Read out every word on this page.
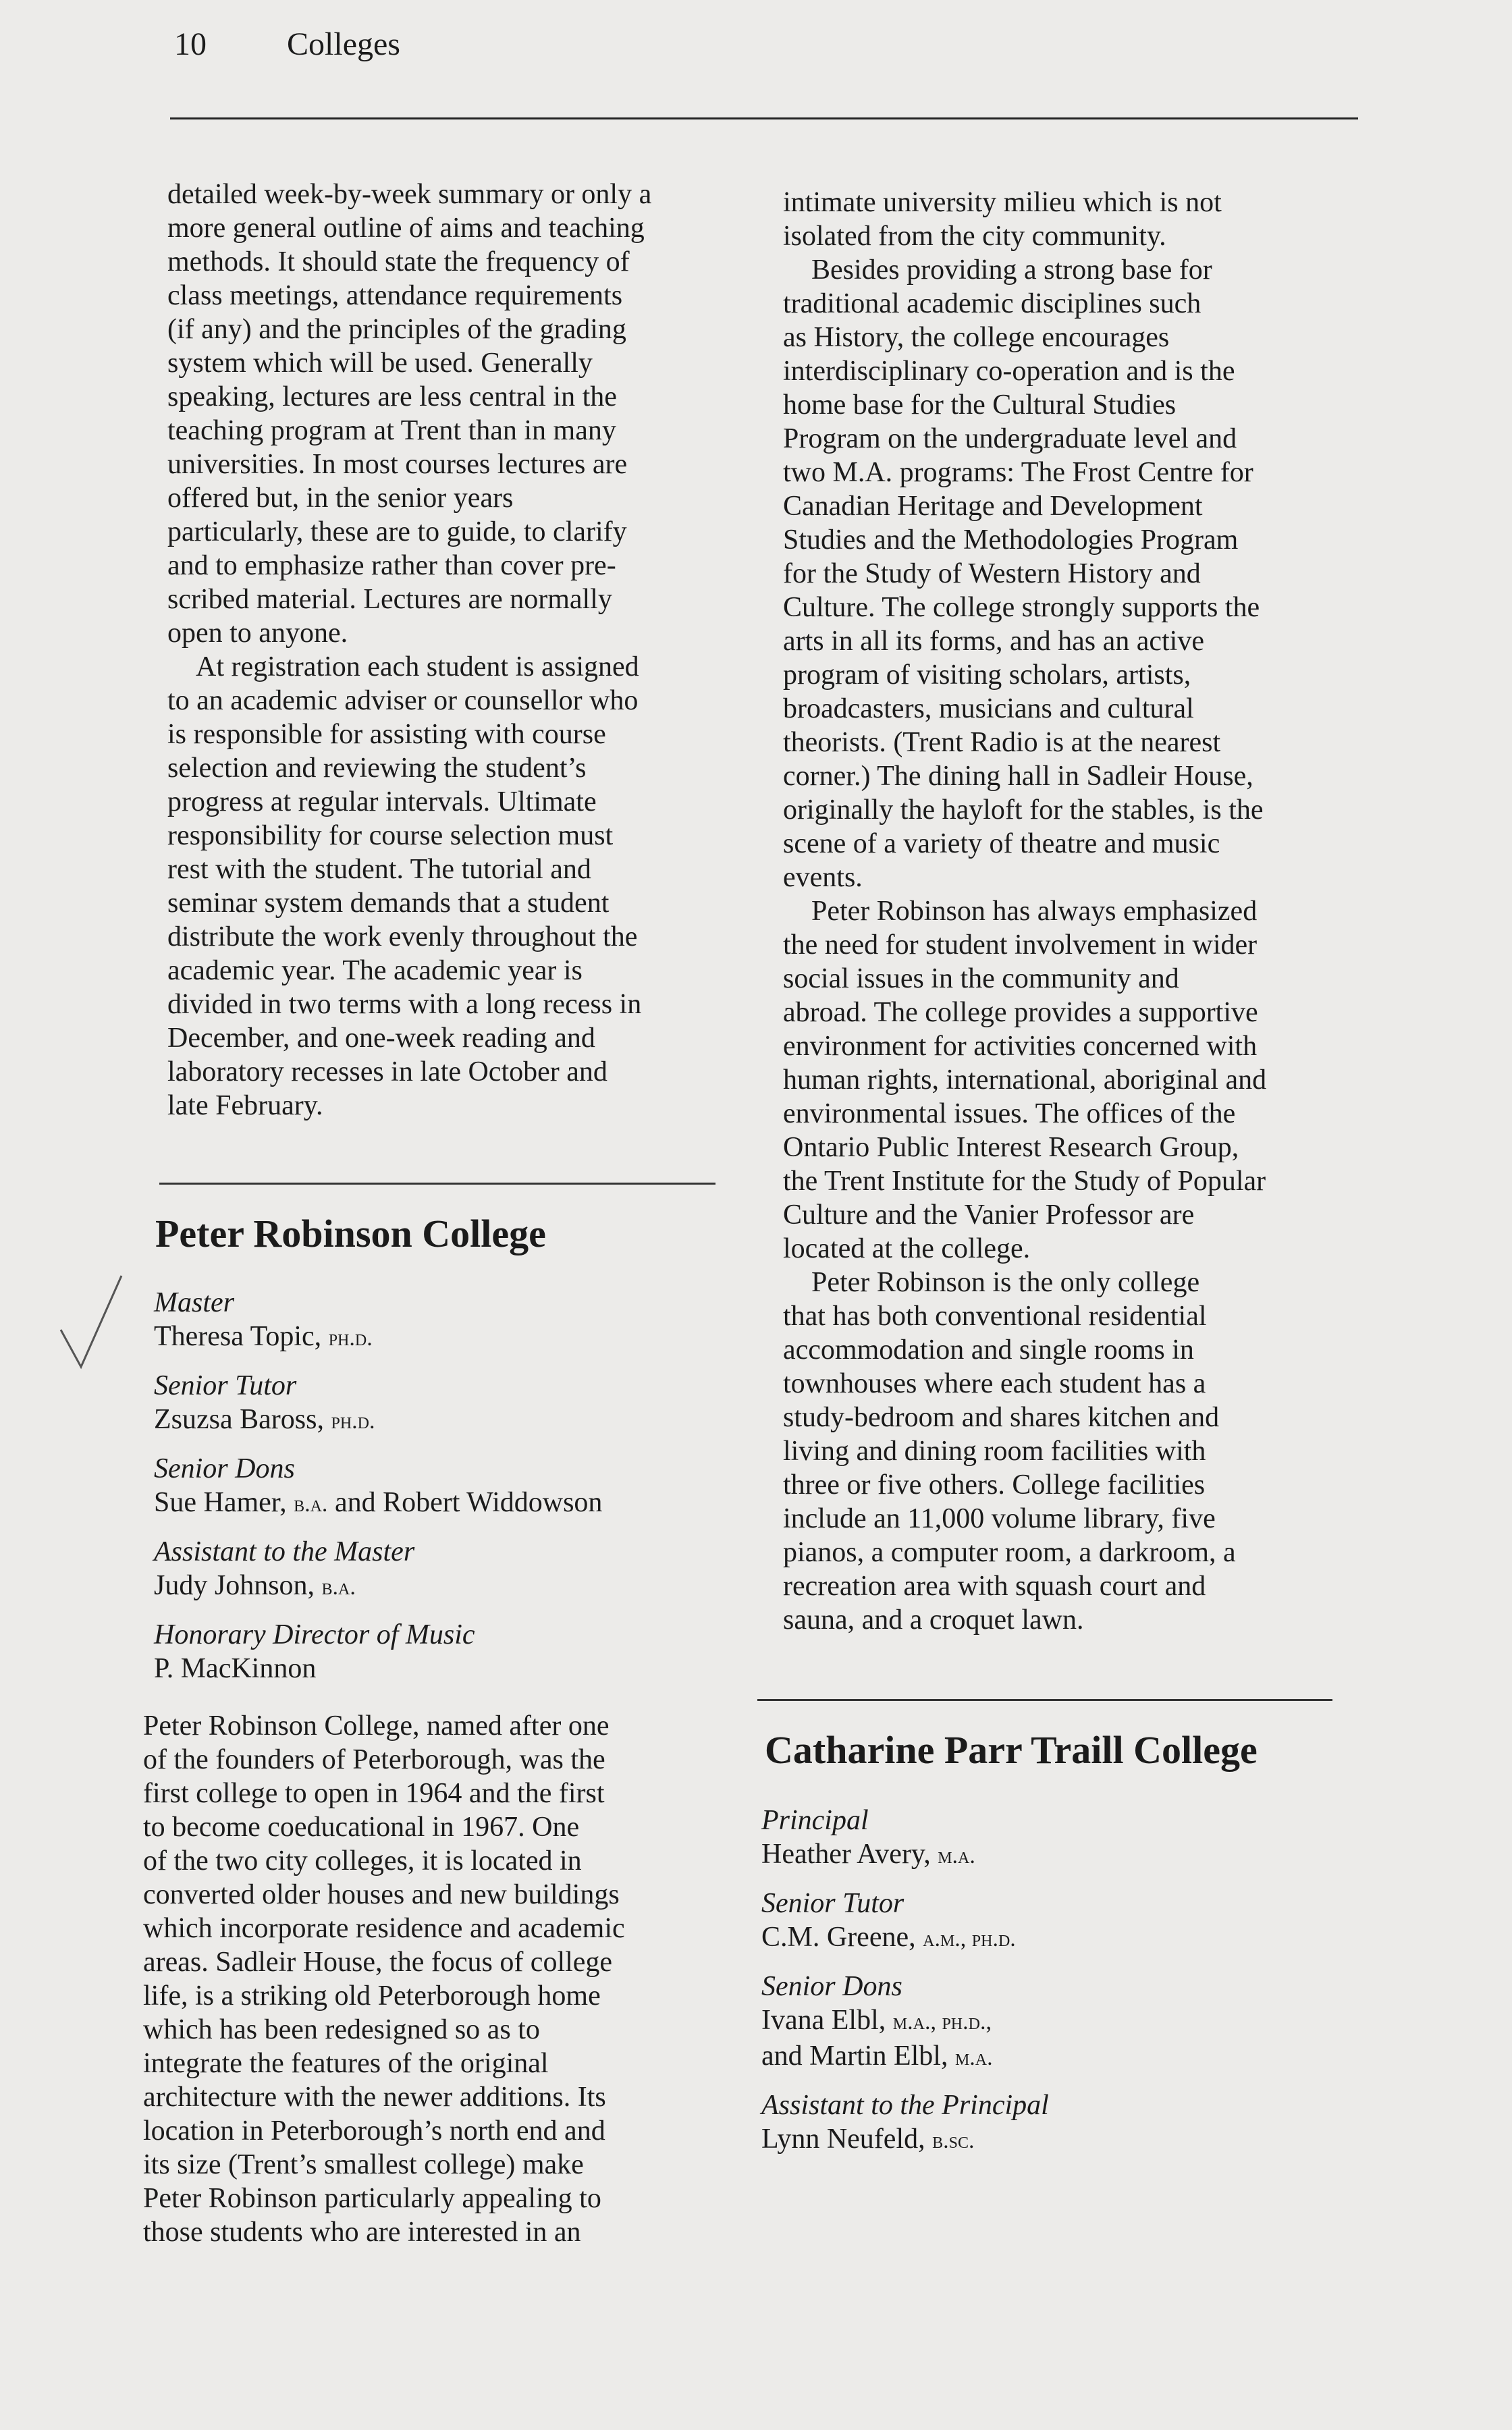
10 Colleges

detailed week-by-week summary or only a
more general outline of aims and teaching
methods. It should state the frequency of
class meetings, attendance requirements
(if any) and the principles of the grading
system which will be used. Generally
speaking, lectures are less central in the
teaching program at Trent than in many
universities. In most courses lectures are
offered but, in the senior years
particularly, these are to guide, to clarify
and to emphasize rather than cover pre-
scribed material. Lectures are normally
open to anyone.

At registration each student is assigned
to an academic adviser or counsellor who
is responsible for assisting with course
selection and reviewing the student’s
progress at regular intervals. Ultimate
responsibility for course selection must
rest with the student. The tutorial and
seminar system demands that a student
distribute the work evenly throughout the
academic year. The academic year is
divided in two terms with a long recess in
December, and one-week reading and
laboratory recesses in late October and
late February.

Peter Robinson College
Master
Theresa Topic, ph.d.
Senior Tutor
Zsuzsa Baross, ph.d.
Senior Dons
Sue Hamer, b.a. and Robert Widdowson
Assistant to the Master
Judy Johnson, b.a.
Honorary Director of Music
P. MacKinnon

Peter Robinson College, named after one
of the founders of Peterborough, was the
first college to open in 1964 and the first
to become coeducational in 1967. One
of the two city colleges, it is located in
converted older houses and new buildings
which incorporate residence and academic
areas. Sadleir House, the focus of college
life, is a striking old Peterborough home
which has been redesigned so as to
integrate the features of the original
architecture with the newer additions. Its
location in Peterborough’s north end and
its size (Trent’s smallest college) make
Peter Robinson particularly appealing to
those students who are interested in an

intimate university milieu which is not
isolated from the city community.

Besides providing a strong base for
traditional academic disciplines such
as History, the college encourages
interdisciplinary co-operation and is the
home base for the Cultural Studies
Program on the undergraduate level and
two M.A. programs: The Frost Centre for
Canadian Heritage and Development
Studies and the Methodologies Program
for the Study of Western History and
Culture. The college strongly supports the
arts in all its forms, and has an active
program of visiting scholars, artists,
broadcasters, musicians and cultural
theorists. (Trent Radio is at the nearest
corner.) The dining hall in Sadleir House,
originally the hayloft for the stables, is the
scene of a variety of theatre and music
events.

Peter Robinson has always emphasized
the need for student involvement in wider
social issues in the community and
abroad. The college provides a supportive
environment for activities concerned with
human rights, international, aboriginal and
environmental issues. The offices of the
Ontario Public Interest Research Group,
the Trent Institute for the Study of Popular
Culture and the Vanier Professor are
located at the college.

Peter Robinson is the only college
that has both conventional residential
accommodation and single rooms in
townhouses where each student has a
study-bedroom and shares kitchen and
living and dining room facilities with
three or five others. College facilities
include an 11,000 volume library, five
pianos, a computer room, a darkroom, a
recreation area with squash court and
sauna, and a croquet lawn.

Catharine Parr Traill College
Principal
Heather Avery, m.a.
Senior Tutor
C.M. Greene, a.m., ph.d.
Senior Dons
Ivana Elbl, m.a., ph.d.,
and Martin Elbl, m.a.
Assistant to the Principal
Lynn Neufeld, b.sc.
